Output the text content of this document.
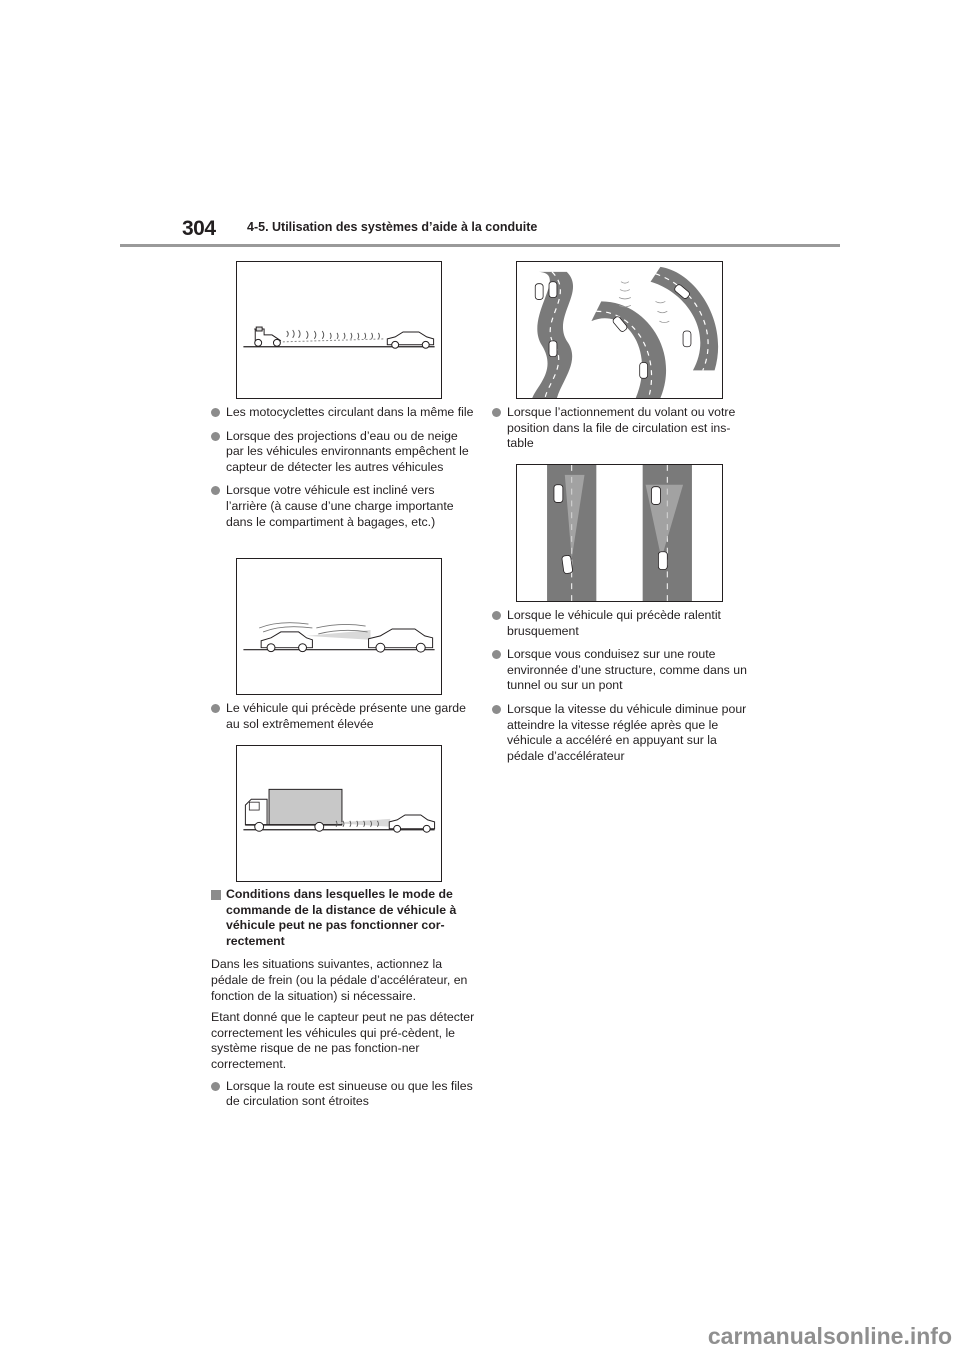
304	4-5. Utilisation des systèmes d’aide à la conduite
Les motocyclettes circulant dans la même file
Lorsque des projections d’eau ou de neige par les véhicules environnants empêchent le capteur de détecter les autres véhicules
Lorsque votre véhicule est incliné vers l’arrière (à cause d’une charge importante dans le compartiment à bagages, etc.)
Lorsque l’actionnement du volant ou votre position dans la file de circulation est ins-table
Lorsque le véhicule qui précède ralentit brusquement
Lorsque vous conduisez sur une route environnée d’une structure, comme dans un tunnel ou sur un pont
Lorsque la vitesse du véhicule diminue pour atteindre la vitesse réglée après que le véhicule a accéléré en appuyant sur la pédale d’accélérateur
Le véhicule qui précède présente une garde au sol extrêmement élevée
Conditions dans lesquelles le mode de commande de la distance de véhicule à véhicule peut ne pas fonctionner cor-rectement
Dans les situations suivantes, actionnez la pédale de frein (ou la pédale d’accélérateur, en fonction de la situation) si nécessaire.
Etant donné que le capteur peut ne pas détecter correctement les véhicules qui pré-cèdent, le système risque de ne pas fonction-ner correctement.
Lorsque la route est sinueuse ou que les files de circulation sont étroites
carmanualsonline.info
